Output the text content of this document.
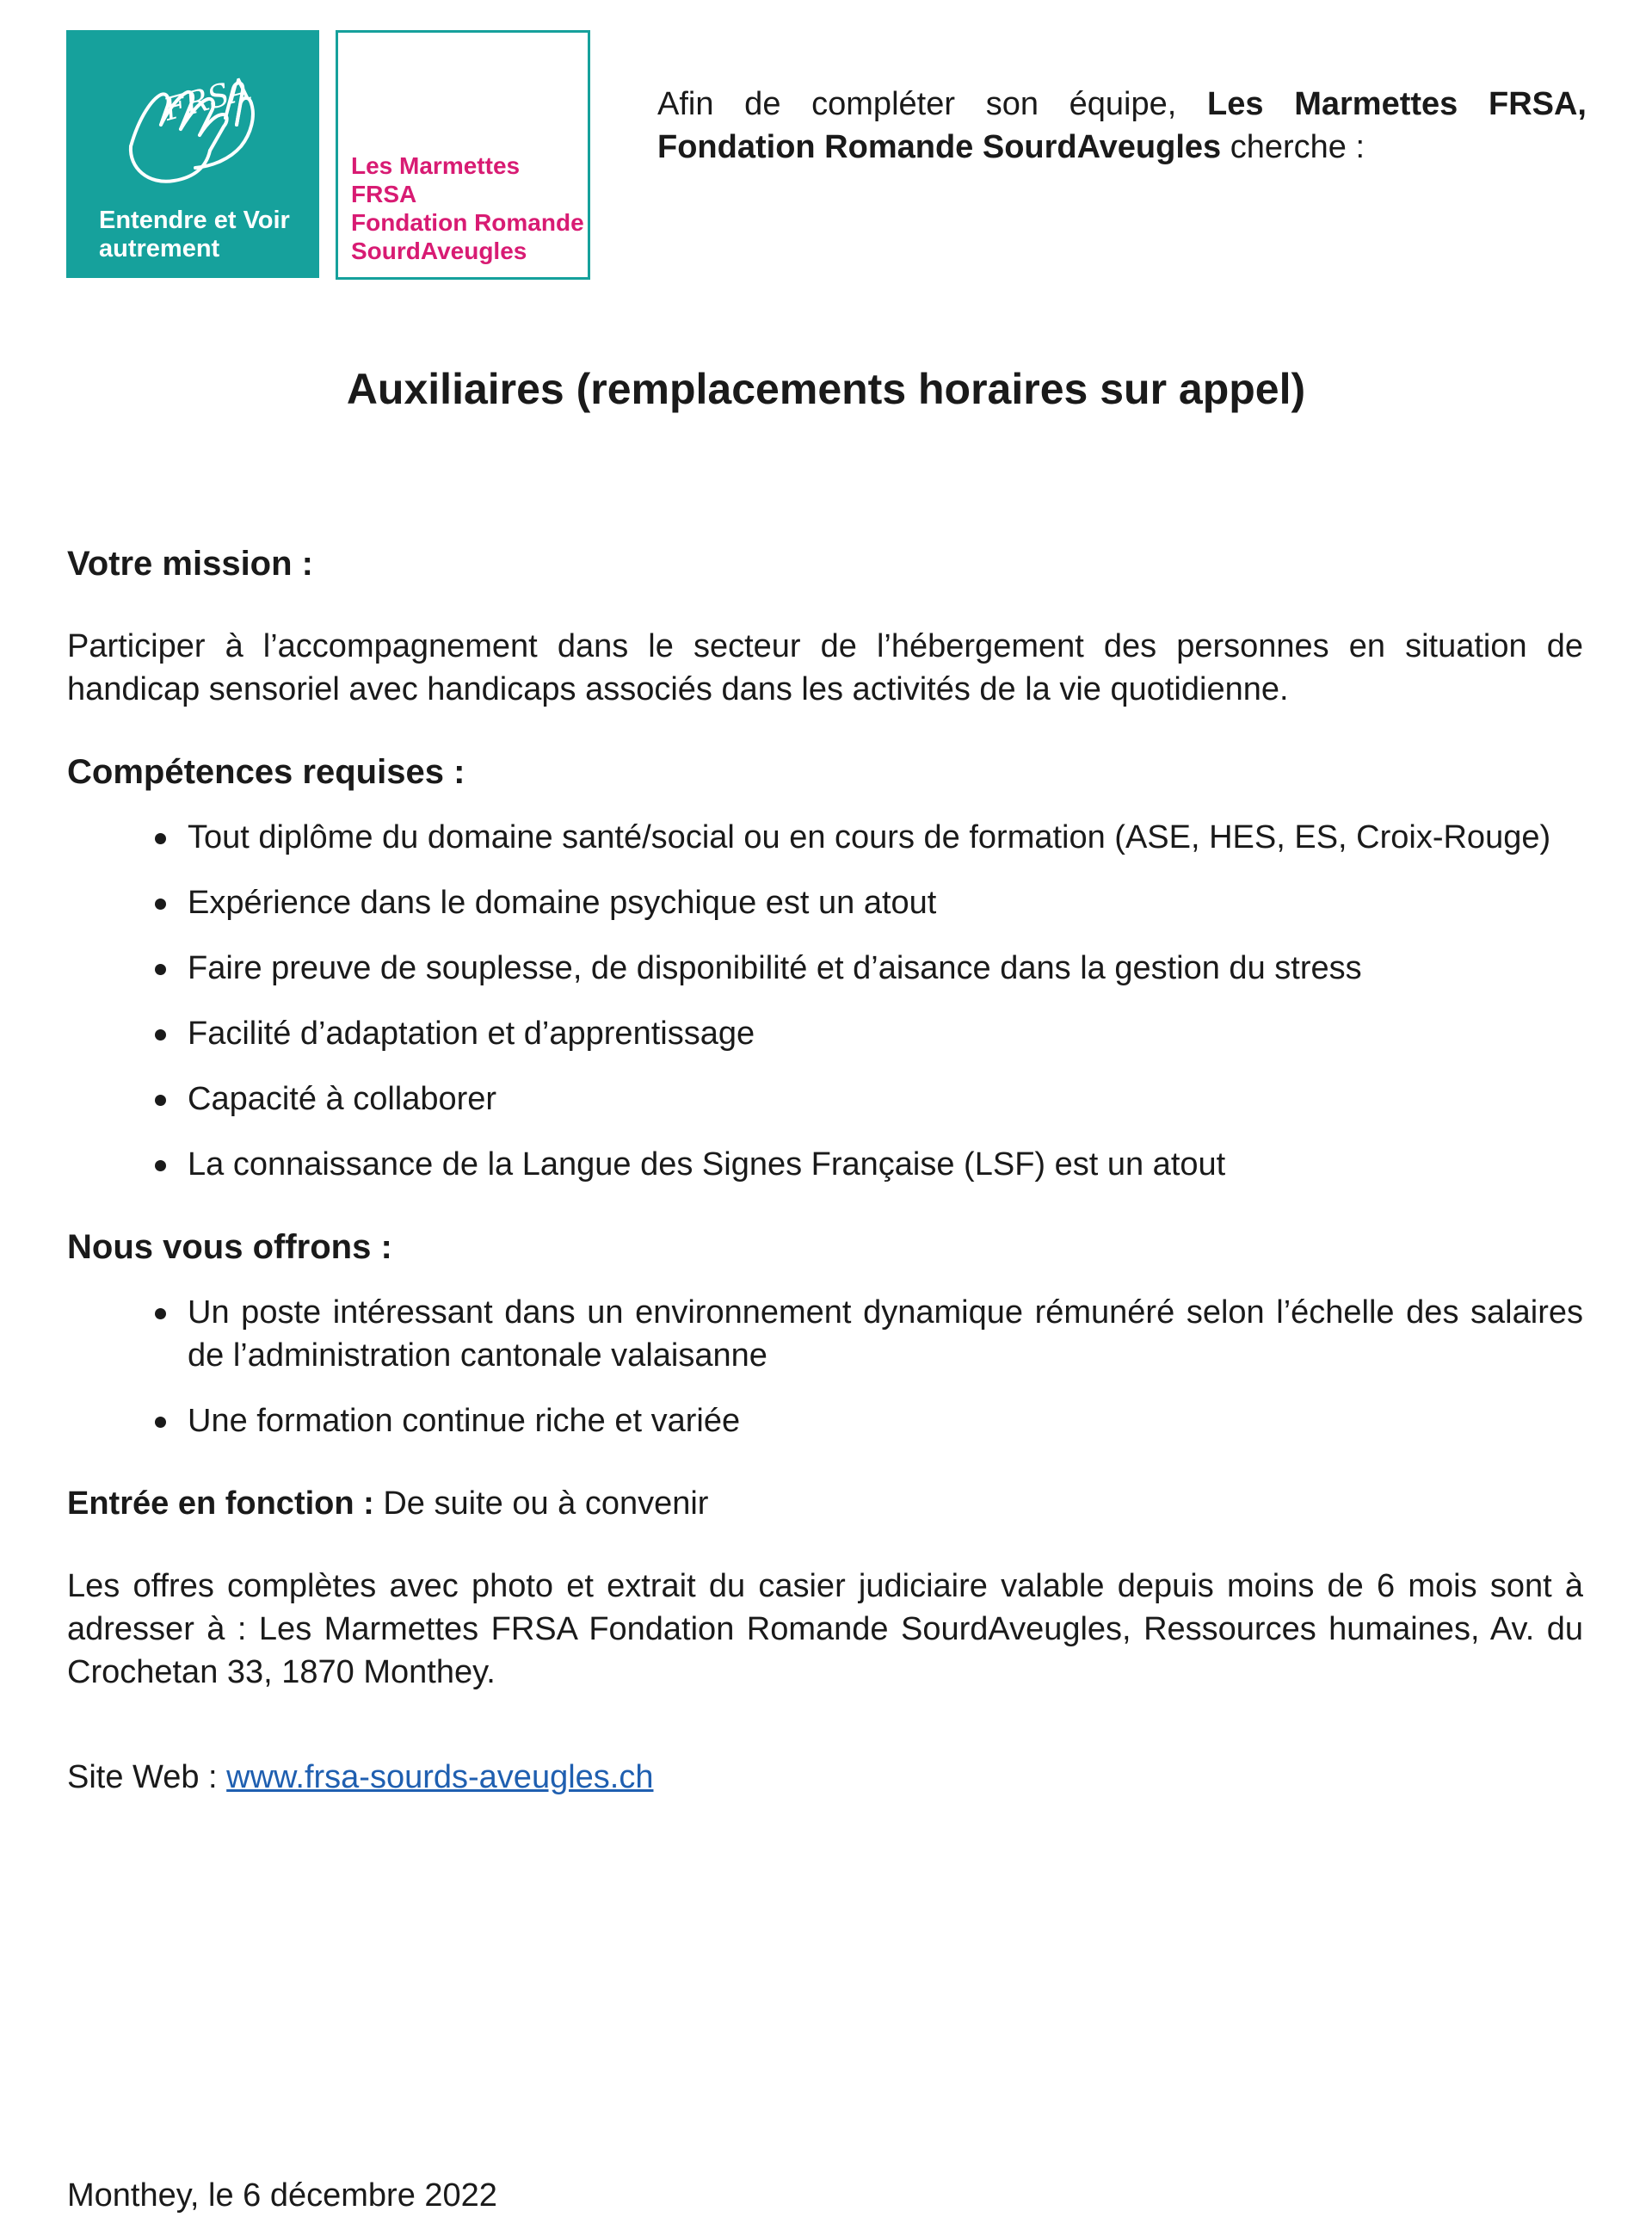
FRSA
Entendre et Voir
autrement
Les Marmettes
FRSA
Fondation Romande
SourdAveugles
Afin de compléter son équipe, Les Marmettes FRSA, Fondation Romande SourdAveugles cherche :
Auxiliaires (remplacements horaires sur appel)
Votre mission :

Participer à l’accompagnement dans le secteur de l’hébergement des personnes en situation de handicap sensoriel avec handicaps associés dans les activités de la vie quotidienne.

Compétences requises :
Tout diplôme du domaine santé/social ou en cours de formation (ASE, HES, ES, Croix-Rouge)
Expérience dans le domaine psychique est un atout
Faire preuve de souplesse, de disponibilité et d’aisance dans la gestion du stress
Facilité d’adaptation et d’apprentissage
Capacité à collaborer
La connaissance de la Langue des Signes Française (LSF) est un atout
Nous vous offrons :
Un poste intéressant dans un environnement dynamique rémunéré selon l’échelle des salaires de l’administration cantonale valaisanne
Une formation continue riche et variée

Entrée en fonction : De suite ou à convenir

Les offres complètes avec photo et extrait du casier judiciaire valable depuis moins de 6 mois sont à adresser à : Les Marmettes FRSA Fondation Romande SourdAveugles, Ressources humaines, Av. du Crochetan 33, 1870 Monthey.

Site Web : www.frsa-sourds-aveugles.ch

Monthey, le 6 décembre 2022
